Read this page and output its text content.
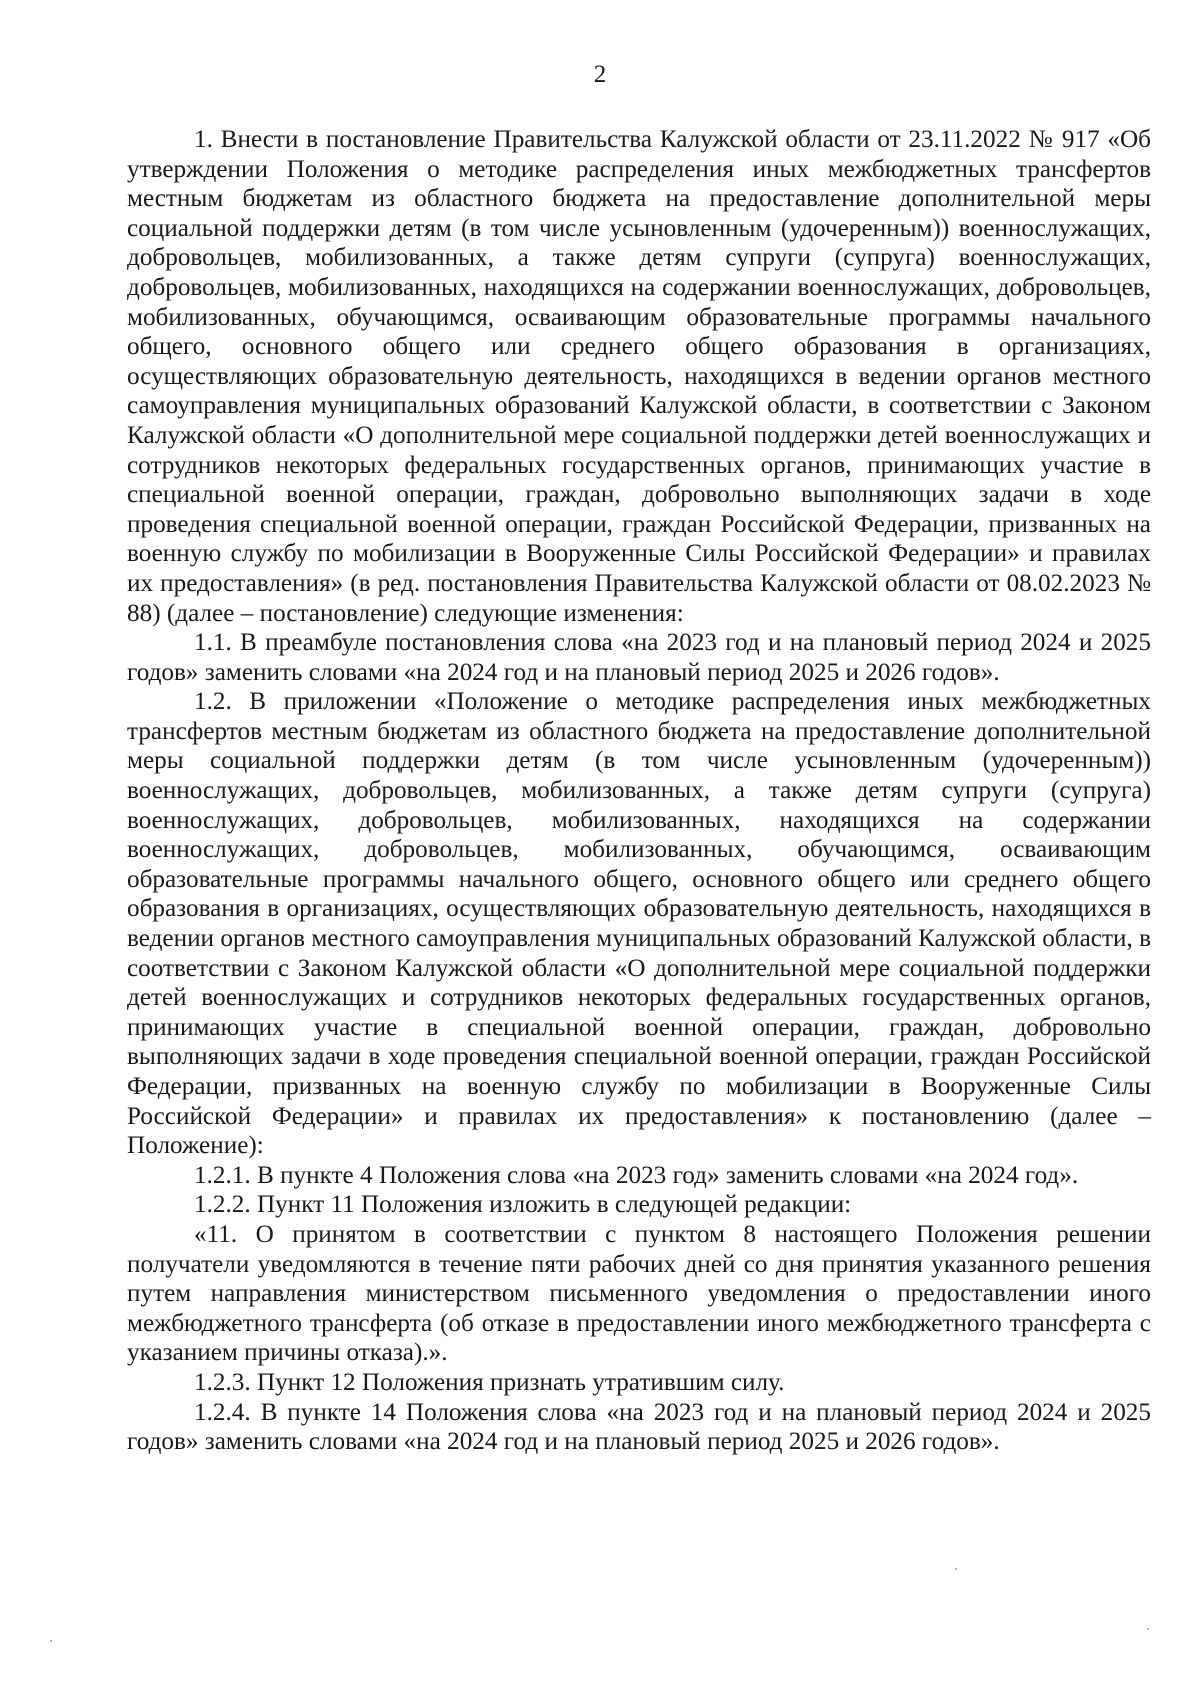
2

1. Внести в постановление Правительства Калужской области от 23.11.2022 № 917 «Об утверждении Положения о методике распределения иных межбюджетных трансфертов местным бюджетам из областного бюджета на предоставление дополнительной меры социальной поддержки детям (в том числе усыновленным (удочеренным)) военнослужащих, добровольцев, мобилизованных, а также детям супруги (супруга) военнослужащих, добровольцев, мобилизованных, находящихся на содержании военнослужащих, добровольцев, мобилизованных, обучающимся, осваивающим образовательные программы начального общего, основного общего или среднего общего образования в организациях, осуществляющих образовательную деятельность, находящихся в ведении органов местного самоуправления муниципальных образований Калужской области, в соответствии с Законом Калужской области «О дополнительной мере социальной поддержки детей военнослужащих и сотрудников некоторых федеральных государственных органов, принимающих участие в специальной военной операции, граждан, добровольно выполняющих задачи в ходе проведения специальной военной операции, граждан Российской Федерации, призванных на военную службу по мобилизации в Вооруженные Силы Российской Федерации» и правилах их предоставления» (в ред. постановления Правительства Калужской области от 08.02.2023 № 88) (далее – постановление) следующие изменения:

1.1. В преамбуле постановления слова «на 2023 год и на плановый период 2024 и 2025 годов» заменить словами «на 2024 год и на плановый период 2025 и 2026 годов».

1.2. В приложении «Положение о методике распределения иных межбюджетных трансфертов местным бюджетам из областного бюджета на предоставление дополнительной меры социальной поддержки детям (в том числе усыновленным (удочеренным)) военнослужащих, добровольцев, мобилизованных, а также детям супруги (супруга) военнослужащих, добровольцев, мобилизованных, находящихся на содержании военнослужащих, добровольцев, мобилизованных, обучающимся, осваивающим образовательные программы начального общего, основного общего или среднего общего образования в организациях, осуществляющих образовательную деятельность, находящихся в ведении органов местного самоуправления муниципальных образований Калужской области, в соответствии с Законом Калужской области «О дополнительной мере социальной поддержки детей военнослужащих и сотрудников некоторых федеральных государственных органов, принимающих участие в специальной военной операции, граждан, добровольно выполняющих задачи в ходе проведения специальной военной операции, граждан Российской Федерации, призванных на военную службу по мобилизации в Вооруженные Силы Российской Федерации» и правилах их предоставления» к постановлению (далее – Положение):

1.2.1. В пункте 4 Положения слова «на 2023 год» заменить словами «на 2024 год».

1.2.2. Пункт 11 Положения изложить в следующей редакции:

«11. О принятом в соответствии с пунктом 8 настоящего Положения решении получатели уведомляются в течение пяти рабочих дней со дня принятия указанного решения путем направления министерством письменного уведомления о предоставлении иного межбюджетного трансферта (об отказе в предоставлении иного межбюджетного трансферта с указанием причины отказа).».

1.2.3. Пункт 12 Положения признать утратившим силу.

1.2.4. В пункте 14 Положения слова «на 2023 год и на плановый период 2024 и 2025 годов» заменить словами «на 2024 год и на плановый период 2025 и 2026 годов».
